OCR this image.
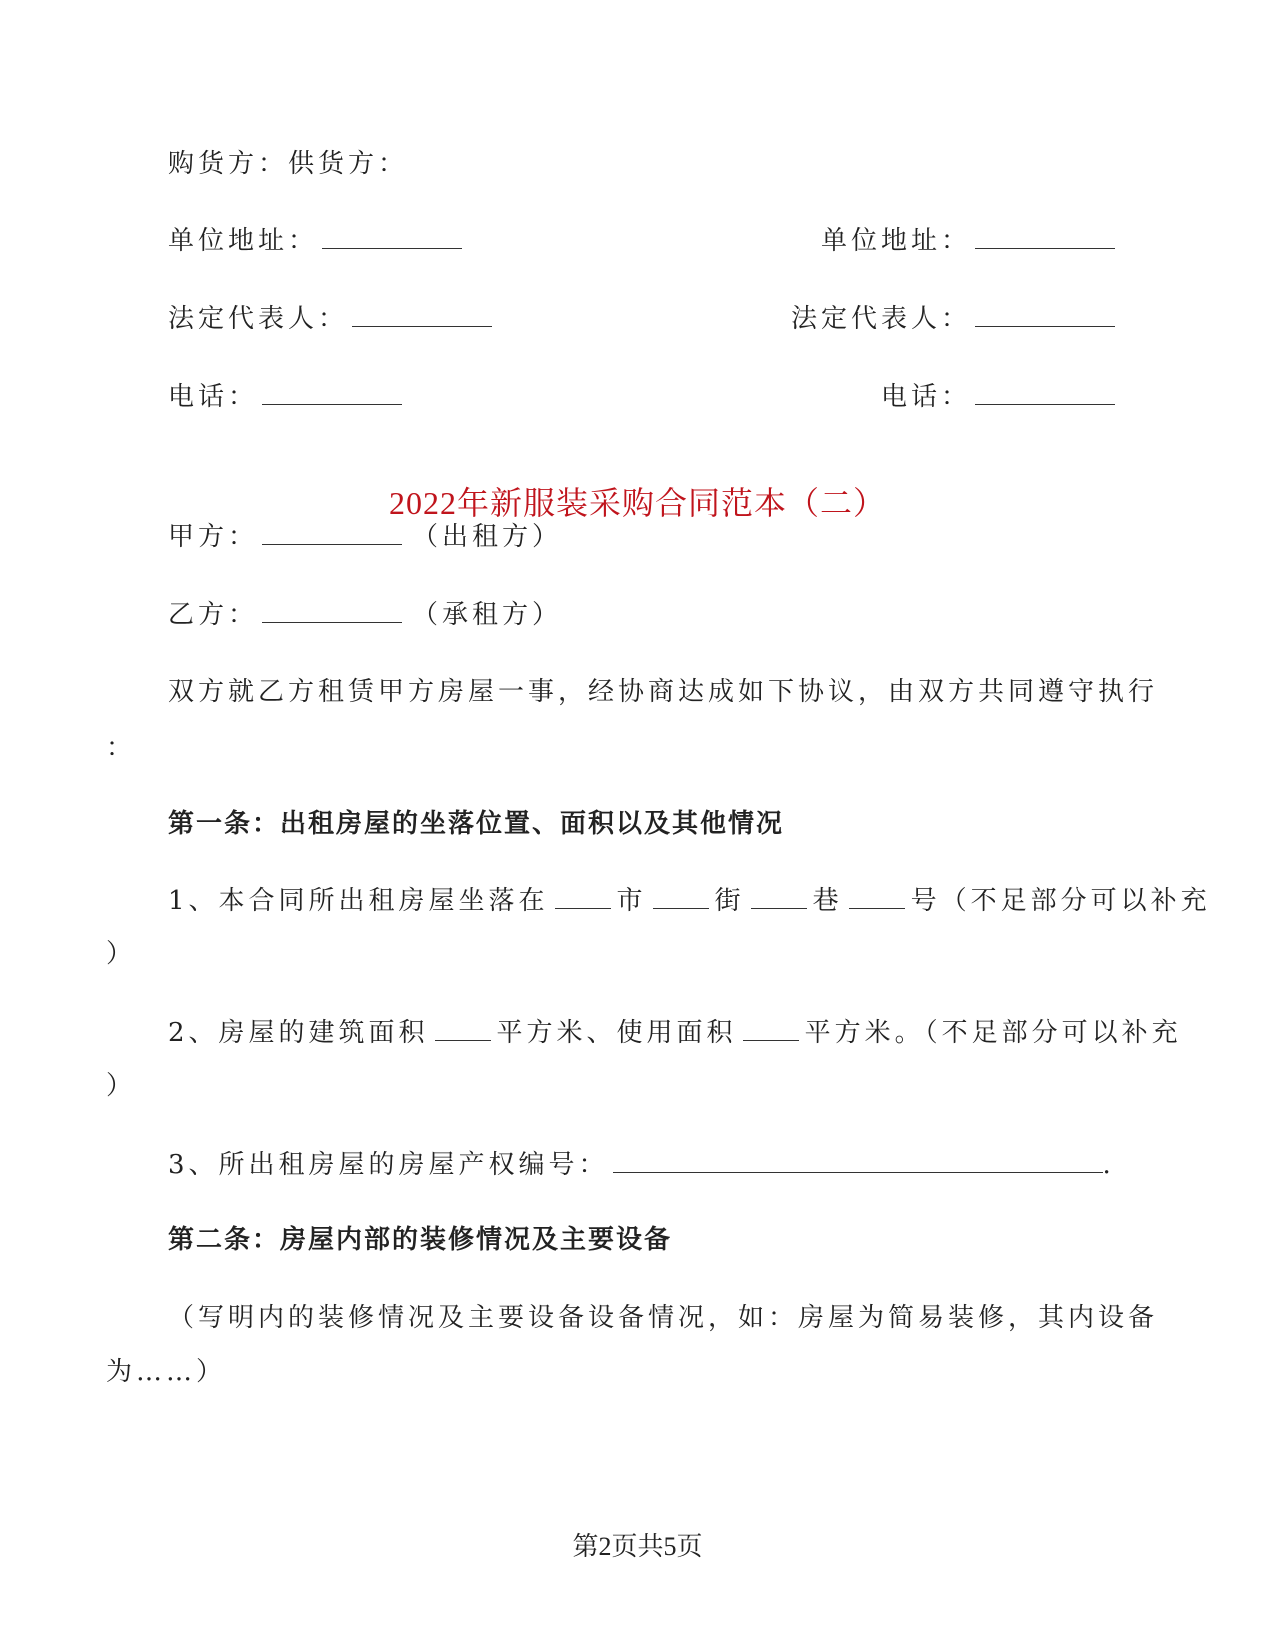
购货方：供货方：
单位地址：	单位地址：
法定代表人：	法定代表人：
电话：	电话：
2022年新服装采购合同范本（二）
甲方：	（出租方）
乙方：	（承租方）
双方就乙方租赁甲方房屋一事，经协商达成如下协议，由双方共同遵守执行
：
第一条：出租房屋的坐落位置、面积以及其他情况
1、本合同所出租房屋坐落在	市	街	巷	号（不足部分可以补充
）
2、房屋的建筑面积	平方米、使用面积	平方米。（不足部分可以补充
）
3、所出租房屋的房屋产权编号：	.
第二条：房屋内部的装修情况及主要设备
（写明内的装修情况及主要设备设备情况，如：房屋为简易装修，其内设备
为……）
第2页共5页
